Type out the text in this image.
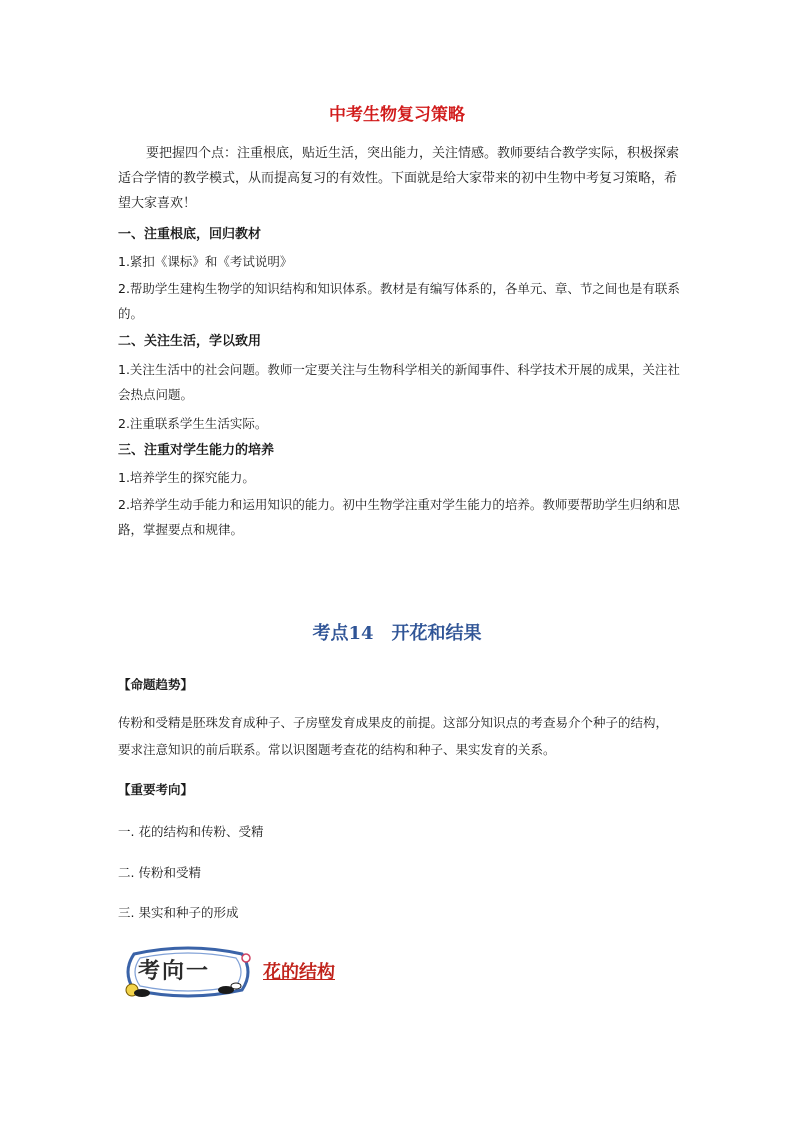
中考生物复习策略
要把握四个点：注重根底，贴近生活，突出能力，关注情感。教师要结合教学实际，积极探索适合学情的教学模式，从而提高复习的有效性。下面就是给大家带来的初中生物中考复习策略，希望大家喜欢！
一、注重根底，回归教材
1.紧扣《课标》和《考试说明》
2.帮助学生建构生物学的知识结构和知识体系。教材是有编写体系的，各单元、章、节之间也是有联系的。
二、关注生活，学以致用
1.关注生活中的社会问题。教师一定要关注与生物科学相关的新闻事件、科学技术开展的成果，关注社会热点问题。
2.注重联系学生生活实际。
三、注重对学生能力的培养
1.培养学生的探究能力。
2.培养学生动手能力和运用知识的能力。初中生物学注重对学生能力的培养。教师要帮助学生归纳和思路，掌握要点和规律。
考点14　开花和结果
【命题趋势】
传粉和受精是胚珠发育成种子、子房壁发育成果皮的前提。这部分知识点的考查易介个种子的结构，要求注意知识的前后联系。常以识图题考查花的结构和种子、果实发育的关系。
【重要考向】
一. 花的结构和传粉、受精
二. 传粉和受精
三. 果实和种子的形成
考向一	花的结构
